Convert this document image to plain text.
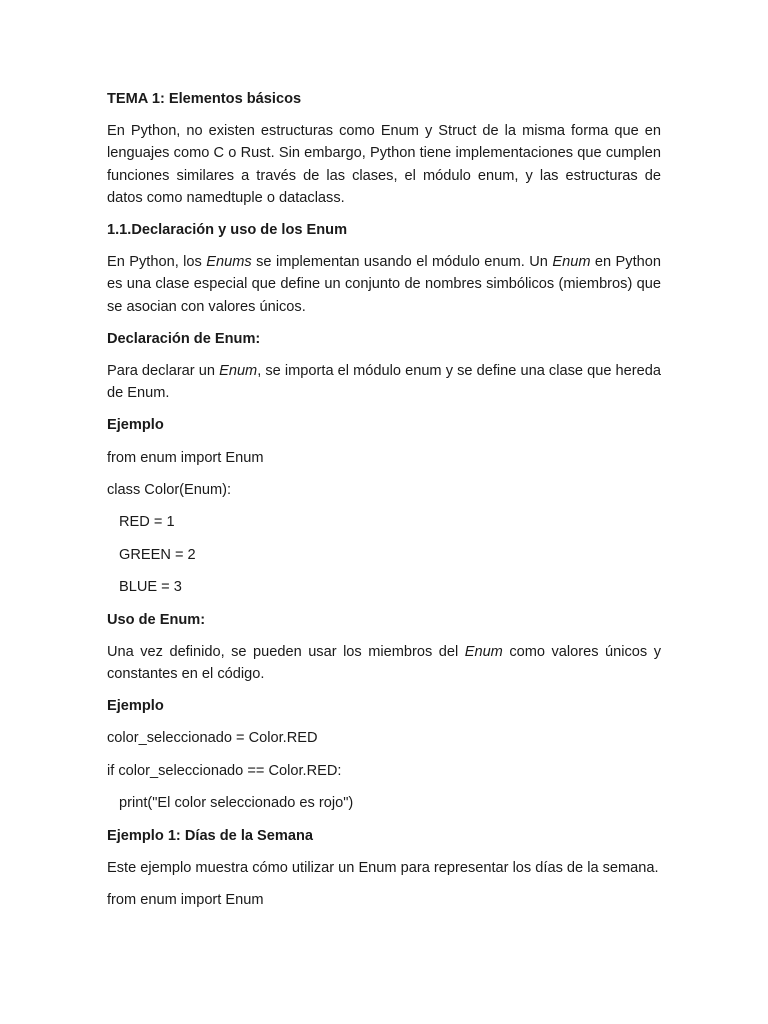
TEMA 1: Elementos básicos

En Python, no existen estructuras como Enum y Struct de la misma forma que en lenguajes como C o Rust. Sin embargo, Python tiene implementaciones que cumplen funciones similares a través de las clases, el módulo enum, y las estructuras de datos como namedtuple o dataclass.

1.1.Declaración y uso de los Enum

En Python, los Enums se implementan usando el módulo enum. Un Enum en Python es una clase especial que define un conjunto de nombres simbólicos (miembros) que se asocian con valores únicos.

Declaración de Enum:

Para declarar un Enum, se importa el módulo enum y se define una clase que hereda de Enum.

Ejemplo

from enum import Enum

class Color(Enum):

RED = 1

GREEN = 2

BLUE = 3

Uso de Enum:

Una vez definido, se pueden usar los miembros del Enum como valores únicos y constantes en el código.

Ejemplo

color_seleccionado = Color.RED

if color_seleccionado == Color.RED:

print("El color seleccionado es rojo")

Ejemplo 1: Días de la Semana

Este ejemplo muestra cómo utilizar un Enum para representar los días de la semana.

from enum import Enum
